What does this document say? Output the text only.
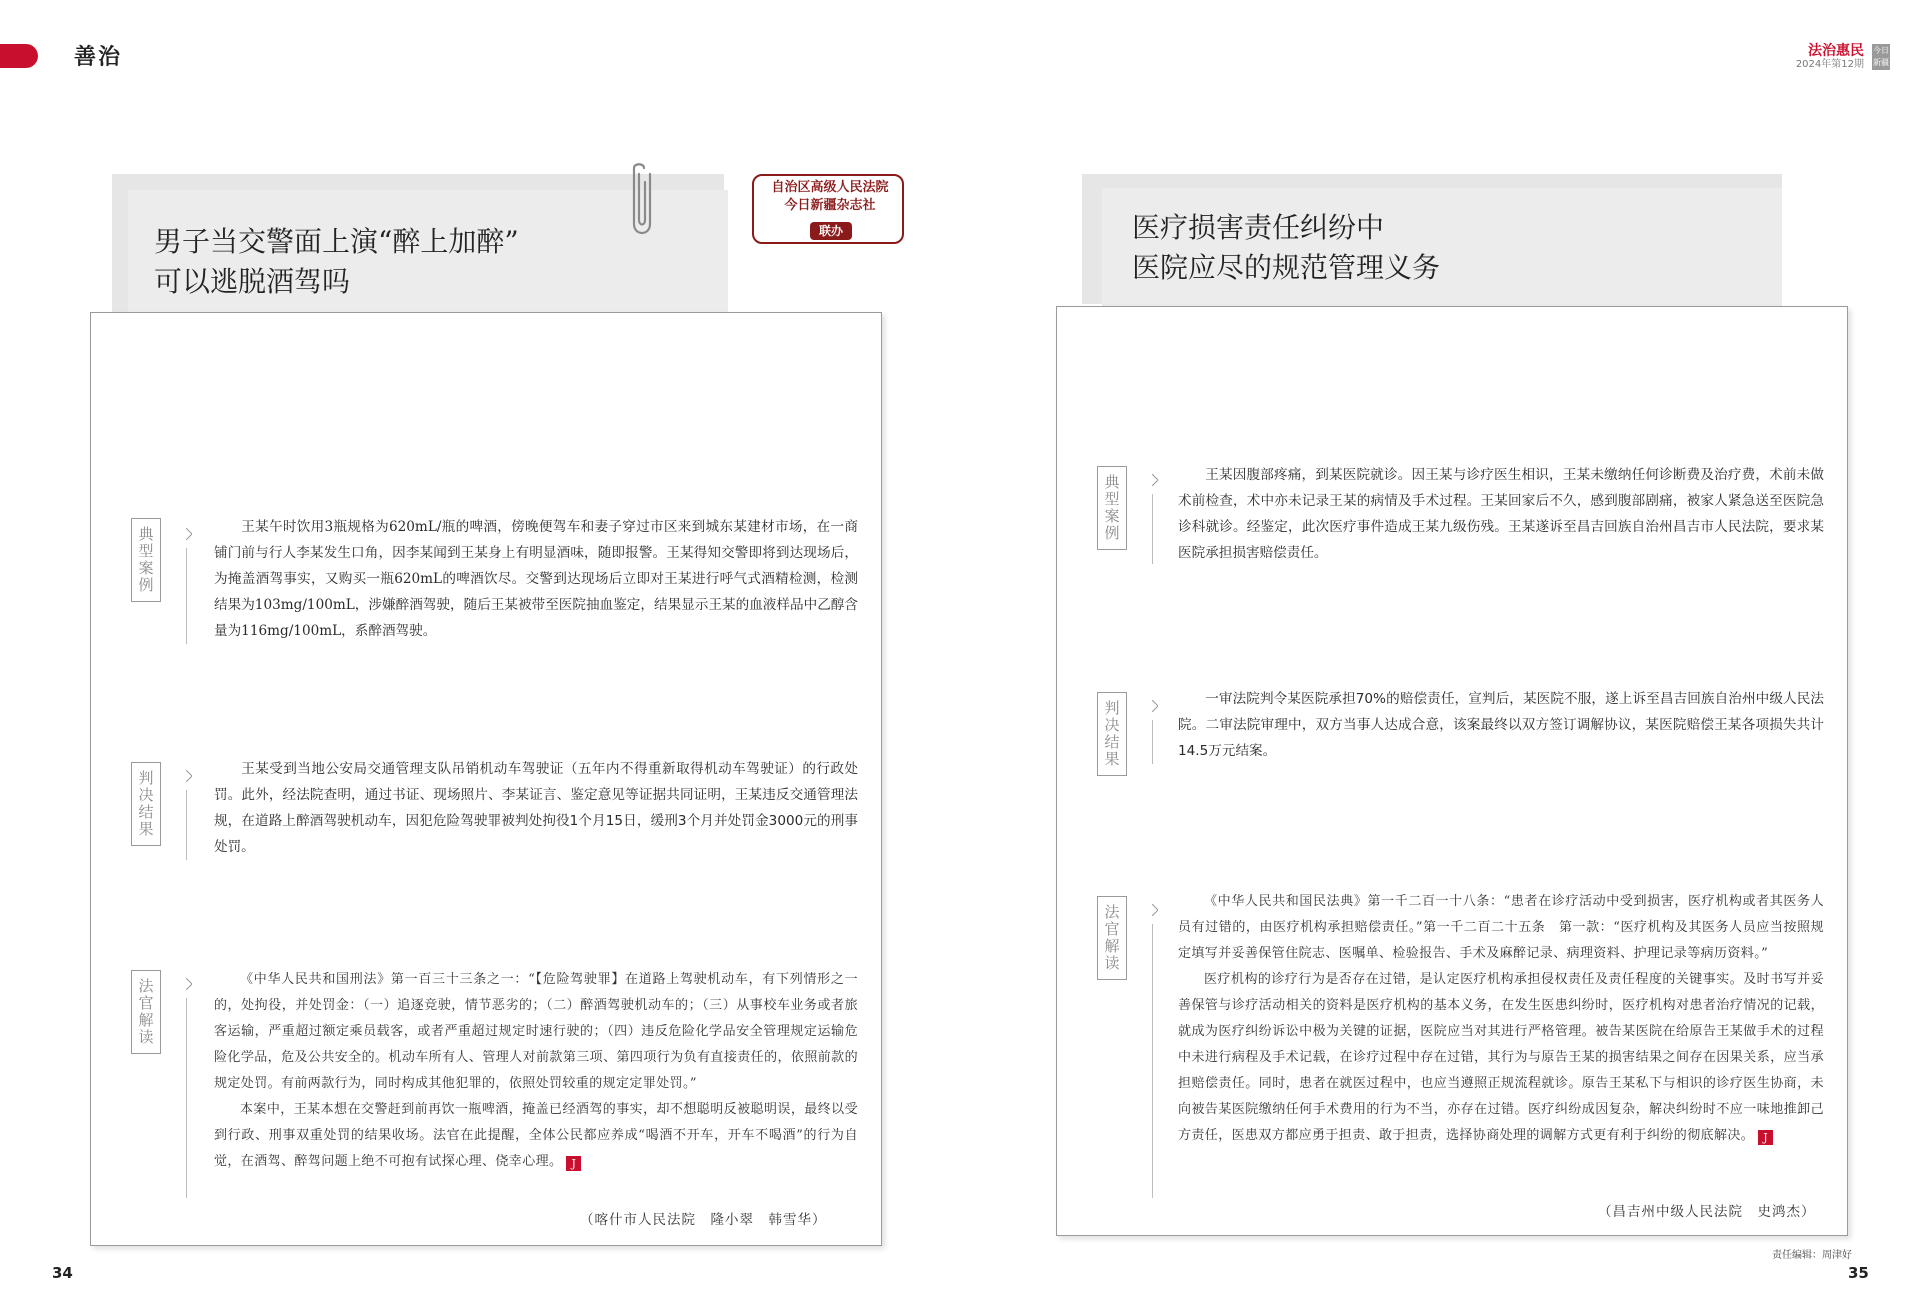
善治	法治惠民
2024年第12期
今日
新疆
男子当交警面上演“醉上加醉”
可以逃脱酒驾吗
自治区高级人民法院
今日新疆杂志社
联办
典
型
案
例

王某午时饮用3瓶规格为620mL/瓶的啤酒，傍晚便驾车和妻子穿过市区来到城东某建材市场，在一商铺门前与行人李某发生口角，因李某闻到王某身上有明显酒味，随即报警。王某得知交警即将到达现场后，为掩盖酒驾事实，又购买一瓶620mL的啤酒饮尽。交警到达现场后立即对王某进行呼气式酒精检测，检测结果为103mg/100mL，涉嫌醉酒驾驶，随后王某被带至医院抽血鉴定，结果显示王某的血液样品中乙醇含量为116mg/100mL，系醉酒驾驶。

判
决
结
果

王某受到当地公安局交通管理支队吊销机动车驾驶证（五年内不得重新取得机动车驾驶证）的行政处罚。此外，经法院查明，通过书证、现场照片、李某证言、鉴定意见等证据共同证明，王某违反交通管理法规，在道路上醉酒驾驶机动车，因犯危险驾驶罪被判处拘役1个月15日，缓刑3个月并处罚金3000元的刑事处罚。

法
官
解
读

《中华人民共和国刑法》第一百三十三条之一：“【危险驾驶罪】在道路上驾驶机动车，有下列情形之一的，处拘役，并处罚金：（一）追逐竞驶，情节恶劣的；（二）醉酒驾驶机动车的；（三）从事校车业务或者旅客运输，严重超过额定乘员载客，或者严重超过规定时速行驶的；（四）违反危险化学品安全管理规定运输危险化学品，危及公共安全的。机动车所有人、管理人对前款第三项、第四项行为负有直接责任的，依照前款的规定处罚。有前两款行为，同时构成其他犯罪的，依照处罚较重的规定定罪处罚。”

本案中，王某本想在交警赶到前再饮一瓶啤酒，掩盖已经酒驾的事实，却不想聪明反被聪明误，最终以受到行政、刑事双重处罚的结果收场。法官在此提醒，全体公民都应养成“喝酒不开车，开车不喝酒”的行为自觉，在酒驾、醉驾问题上绝不可抱有试探心理、侥幸心理。 J

（喀什市人民法院　隆小翠　韩雪华）
34
医疗损害责任纠纷中
医院应尽的规范管理义务
典
型
案
例

王某因腹部疼痛，到某医院就诊。因王某与诊疗医生相识，王某未缴纳任何诊断费及治疗费，术前未做术前检查，术中亦未记录王某的病情及手术过程。王某回家后不久，感到腹部剧痛，被家人紧急送至医院急诊科就诊。经鉴定，此次医疗事件造成王某九级伤残。王某遂诉至昌吉回族自治州昌吉市人民法院，要求某医院承担损害赔偿责任。

判
决
结
果

一审法院判令某医院承担70%的赔偿责任，宣判后，某医院不服，遂上诉至昌吉回族自治州中级人民法院。二审法院审理中，双方当事人达成合意，该案最终以双方签订调解协议，某医院赔偿王某各项损失共计14.5万元结案。

法
官
解
读

《中华人民共和国民法典》第一千二百一十八条：“患者在诊疗活动中受到损害，医疗机构或者其医务人员有过错的，由医疗机构承担赔偿责任。”第一千二百二十五条　第一款：“医疗机构及其医务人员应当按照规定填写并妥善保管住院志、医嘱单、检验报告、手术及麻醉记录、病理资料、护理记录等病历资料。”

医疗机构的诊疗行为是否存在过错，是认定医疗机构承担侵权责任及责任程度的关键事实。及时书写并妥善保管与诊疗活动相关的资料是医疗机构的基本义务，在发生医患纠纷时，医疗机构对患者治疗情况的记载，就成为医疗纠纷诉讼中极为关键的证据，医院应当对其进行严格管理。被告某医院在给原告王某做手术的过程中未进行病程及手术记载，在诊疗过程中存在过错，其行为与原告王某的损害结果之间存在因果关系，应当承担赔偿责任。同时，患者在就医过程中，也应当遵照正规流程就诊。原告王某私下与相识的诊疗医生协商，未向被告某医院缴纳任何手术费用的行为不当，亦存在过错。医疗纠纷成因复杂，解决纠纷时不应一味地推卸己方责任，医患双方都应勇于担责、敢于担责，选择协商处理的调解方式更有利于纠纷的彻底解决。 J

（昌吉州中级人民法院　史鸿杰）
责任编辑：周津好
35
